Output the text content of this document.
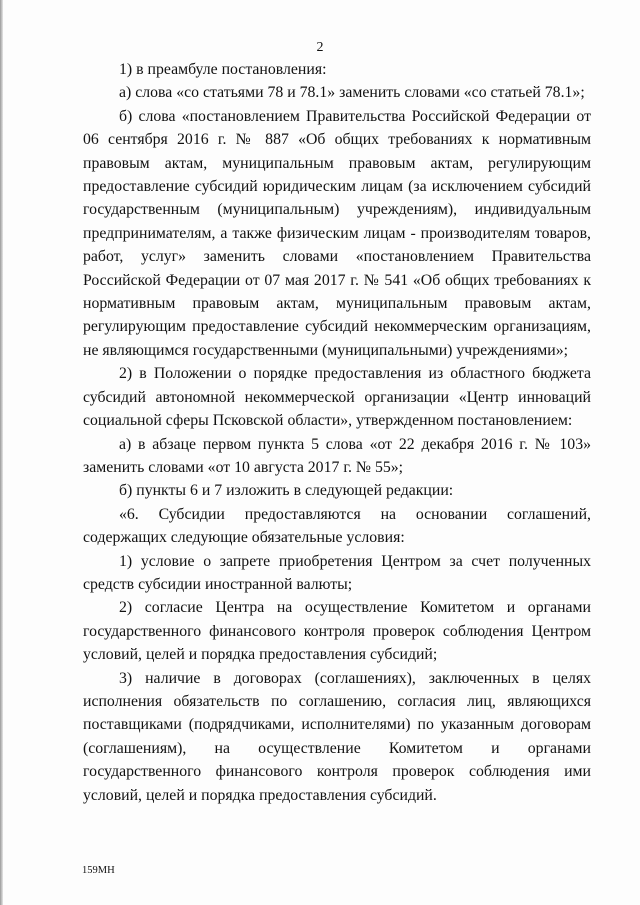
2

1) в преамбуле постановления:

а) слова «со статьями 78 и 78.1» заменить словами «со статьей 78.1»;

б) слова «постановлением Правительства Российской Федерации от 06 сентября 2016 г. № 887 «Об общих требованиях к нормативным правовым актам, муниципальным правовым актам, регулирующим предоставление субсидий юридическим лицам (за исключением субсидий государственным (муниципальным) учреждениям), индивидуальным предпринимателям, а также физическим лицам - производителям товаров, работ, услуг» заменить словами «постановлением Правительства Российской Федерации от 07 мая 2017 г. № 541 «Об общих требованиях к нормативным правовым актам, муниципальным правовым актам, регулирующим предоставление субсидий некоммерческим организациям, не являющимся государственными (муниципальными) учреждениями»;

2) в Положении о порядке предоставления из областного бюджета субсидий автономной некоммерческой организации «Центр инноваций социальной сферы Псковской области», утвержденном постановлением:

а) в абзаце первом пункта 5 слова «от 22 декабря 2016 г. № 103» заменить словами «от 10 августа 2017 г. № 55»;

б) пункты 6 и 7 изложить в следующей редакции:

«6. Субсидии предоставляются на основании соглашений, содержащих следующие обязательные условия:

1) условие о запрете приобретения Центром за счет полученных средств субсидии иностранной валюты;

2) согласие Центра на осуществление Комитетом и органами государственного финансового контроля проверок соблюдения Центром условий, целей и порядка предоставления субсидий;

3) наличие в договорах (соглашениях), заключенных в целях исполнения обязательств по соглашению, согласия лиц, являющихся поставщиками (подрядчиками, исполнителями) по указанным договорам (соглашениям), на осуществление Комитетом и органами государственного финансового контроля проверок соблюдения ими условий, целей и порядка предоставления субсидий.

159MH
